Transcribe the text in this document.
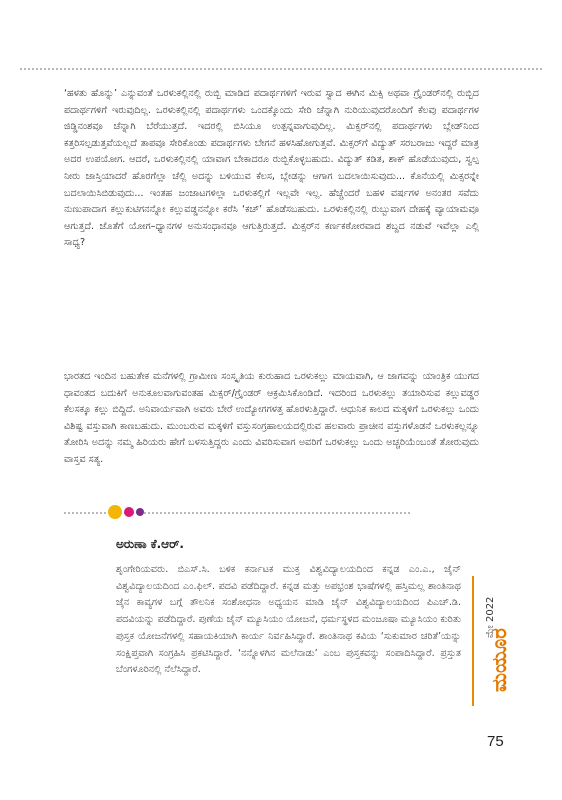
‘ಹಳತು ಹೊನ್ನು’ ಎನ್ನುವಂತೆ ಒರಳುಕಲ್ಲಿನಲ್ಲಿ ರುಬ್ಬಿ ಮಾಡಿದ ಪದಾರ್ಥಗಳಿಗೆ ಇರುವ ಸ್ವಾದ ಈಗಿನ ಮಿಕ್ಸಿ ಅಥವಾ ಗ್ರೈಂಡರ್‌ನಲ್ಲಿ ರುಬ್ಬಿದ ಪದಾರ್ಥಗಳಿಗೆ ಇರುವುದಿಲ್ಲ. ಒರಳುಕಲ್ಲಿನಲ್ಲಿ ಪದಾರ್ಥಗಳು ಒಂದಕ್ಕೊಂದು ಸೇರಿ ಚೆನ್ನಾಗಿ ನುರಿಯುವುದರೊಂದಿಗೆ ಕೆಲವು ಪದಾರ್ಥಗಳ ಜಿಡ್ಡಿನಂಶವೂ ಚೆನ್ನಾಗಿ ಬೆರೆಯುತ್ತದೆ. ಇದರಲ್ಲಿ ಬಿಸಿಯೂ ಉತ್ಪನ್ನವಾಗುವುದಿಲ್ಲ. ಮಿಕ್ಸರ್‌ನಲ್ಲಿ ಪದಾರ್ಥಗಳು ಬ್ಲೇಡ್‌ನಿಂದ ಕತ್ತರಿಸಲ್ಪಡುತ್ತವೆಯಲ್ಲದೆ ತಾಪವೂ ಸೇರಿಕೊಂಡು ಪದಾರ್ಥಗಳು ಬೇಗನೆ ಹಳಸಿಹೋಗುತ್ತವೆ. ಮಿಕ್ಸರ್‌ಗೆ ವಿದ್ಯುತ್ ಸರಬರಾಜು ಇದ್ದರೆ ಮಾತ್ರ ಅದರ ಉಪಯೋಗ. ಆದರೆ, ಒರಳುಕಲ್ಲಿನಲ್ಲಿ ಯಾವಾಗ ಬೇಕಾದರೂ ರುಬ್ಬಿಕೊಳ್ಳಬಹುದು. ವಿದ್ಯುತ್ ಕಡಿತ, ಶಾಕ್ ಹೊಡೆಯುವುದು, ಸ್ವಲ್ಪ ನೀರು ಜಾಸ್ತಿಯಾದರೆ ಹೊರಗೆಲ್ಲಾ ಚೆಲ್ಲಿ ಅದನ್ನು ಬಳಿಯುವ ಕೆಲಸ, ಬ್ಲೇಡನ್ನು ಆಗಾಗ ಬದಲಾಯಿಸುವುದು... ಕೊನೆಯಲ್ಲಿ ಮಿಕ್ಸರನ್ನೇ ಬದಲಾಯಿಸಿಬಿಡುವುದು... ಇಂತಹ ಜಂಜಾಟಗಳಿಲ್ಲಾ ಒರಳುಕಲ್ಲಿಗೆ ಇಲ್ಲವೇ ಇಲ್ಲ. ಹೆಚ್ಚೆಂದರೆ ಬಹಳ ವರ್ಷಗಳ ಅನಂತರ ಸವೆದು ನುಣುಪಾದಾಗ ಕಲ್ಲುಕುಟಿಗನನ್ನೋ ಕಲ್ಲುವಡ್ಡನನ್ನೋ ಕರೆಸಿ ‘ಕಚ್’ ಹೊಡೆಸಬಹುದು. ಒರಳುಕಲ್ಲಿನಲ್ಲಿ ರುಬ್ಬುವಾಗ ದೇಹಕ್ಕೆ ವ್ಯಾಯಾಮವೂ ಆಗುತ್ತದೆ. ಜೊತೆಗೆ ಯೋಗ–ಧ್ಯಾನಗಳ ಅನುಸಂಧಾನವೂ ಆಗುತ್ತಿರುತ್ತದೆ. ಮಿಕ್ಸರ್‌ನ ಕರ್ಣಕಠೋರವಾದ ಶಬ್ದದ ನಡುವೆ ಇವೆಲ್ಲಾ ಎಲ್ಲಿ ಸಾಧ್ಯ?

ಭಾರತದ ಇಂದಿನ ಬಹುತೇಕ ಮನೆಗಳಲ್ಲಿ ಗ್ರಾಮೀಣ ಸಂಸ್ಕೃತಿಯ ಕುರುಹಾದ ಒರಳುಕಲ್ಲು ಮಾಯವಾಗಿ, ಆ ಜಾಗವನ್ನು ಯಾಂತ್ರಿಕ ಯುಗದ ಧಾವಂತದ ಬದುಕಿಗೆ ಅನುಕೂಲವಾಗುವಂತಹ ಮಿಕ್ಸರ್/ಗ್ರೈಂಡರ್ ಆಕ್ರಮಿಸಿಕೊಂಡಿದೆ. ಇದರಿಂದ ಒರಳುಕಲ್ಲು ತಯಾರಿಸುವ ಕಲ್ಲುವಡ್ಡರ ಕೆಲಸಕ್ಕೂ ಕಲ್ಲು ಬಿದ್ದಿದೆ. ಅನಿವಾರ್ಯವಾಗಿ ಅವರು ಬೇರೆ ಉದ್ಯೋಗಗಳತ್ತ ಹೊರಳುತ್ತಿದ್ದಾರೆ. ಆಧುನಿಕ ಕಾಲದ ಮಕ್ಕಳಿಗೆ ಒರಳುಕಲ್ಲು ಒಂದು ವಿಶಿಷ್ಟ ವಸ್ತುವಾಗಿ ಕಾಣಬಹುದು. ಮುಂಬರುವ ಮಕ್ಕಳಿಗೆ ವಸ್ತುಸಂಗ್ರಹಾಲಯದಲ್ಲಿರುವ ಹಲವಾರು ಪ್ರಾಚೀನ ವಸ್ತುಗಳೊಡನೆ ಒರಳುಕಲ್ಲನ್ನೂ ತೋರಿಸಿ ಅದನ್ನು ನಮ್ಮ ಹಿರಿಯರು ಹೇಗೆ ಬಳಸುತ್ತಿದ್ದರು ಎಂದು ವಿವರಿಸುವಾಗ ಅವರಿಗೆ ಒರಳುಕಲ್ಲು ಒಂದು ಅಚ್ಚರಿಯೆಂಬಂತೆ ತೋರುವುದು ವಾಸ್ತವ ಸತ್ಯ.

ಅರುಣಾ ಕೆ.ಆರ್.

ಶೃಂಗೇರಿಯವರು. ಬಿಎಸ್.ಸಿ. ಬಳಿಕ ಕರ್ನಾಟಕ ಮುಕ್ತ ವಿಶ್ವವಿದ್ಯಾಲಯದಿಂದ ಕನ್ನಡ ಎಂ.ಎ., ಜೈನ್ ವಿಶ್ವವಿದ್ಯಾಲಯದಿಂದ ಎಂ.ಫಿಲ್. ಪದವಿ ಪಡೆದಿದ್ದಾರೆ. ಕನ್ನಡ ಮತ್ತು ಅಪಭ್ರಂಶ ಭಾಷೆಗಳಲ್ಲಿ ಹಸ್ತಿಮಲ್ಲ ಶಾಂತಿನಾಥ ಜೈನ ಕಾವ್ಯಗಳ ಬಗ್ಗೆ ತೌಲನಿಕ ಸಂಶೋಧನಾ ಅಧ್ಯಯನ ಮಾಡಿ ಜೈನ್ ವಿಶ್ವವಿದ್ಯಾಲಯದಿಂದ ಪಿಎಚ್.ಡಿ. ಪದವಿಯನ್ನು ಪಡೆದಿದ್ದಾರೆ. ಪುಣೆಯ ಜೈನ್ ಮ್ಯೂಸಿಯಂ ಯೋಜನೆ, ಧರ್ಮಸ್ಥಳದ ಮಂಜೂಷಾ ಮ್ಯೂಸಿಯಂ ಕುರಿತು ಪುಸ್ತಕ ಯೋಜನೆಗಳಲ್ಲಿ ಸಹಾಯಕಿಯಾಗಿ ಕಾರ್ಯ ನಿರ್ವಹಿಸಿದ್ದಾರೆ. ಶಾಂತಿನಾಥ ಕವಿಯ ‘ಸುಕುಮಾರ ಚರಿತೆ’ಯನ್ನು ಸಂಕ್ಷಿಪ್ತವಾಗಿ ಸಂಗ್ರಹಿಸಿ ಪ್ರಕಟಿಸಿದ್ದಾರೆ. ‘ನನ್ನೊಳಗಿನ ಮಲೆನಾಡು’ ಎಂಬ ಪುಸ್ತಕವನ್ನು ಸಂಪಾದಿಸಿದ್ದಾರೆ. ಪ್ರಸ್ತುತ ಬೆಂಗಳೂರಿನಲ್ಲಿ ನೆಲೆಸಿದ್ದಾರೆ.	ಮಯೂರ
ಮೇ 2022
75
